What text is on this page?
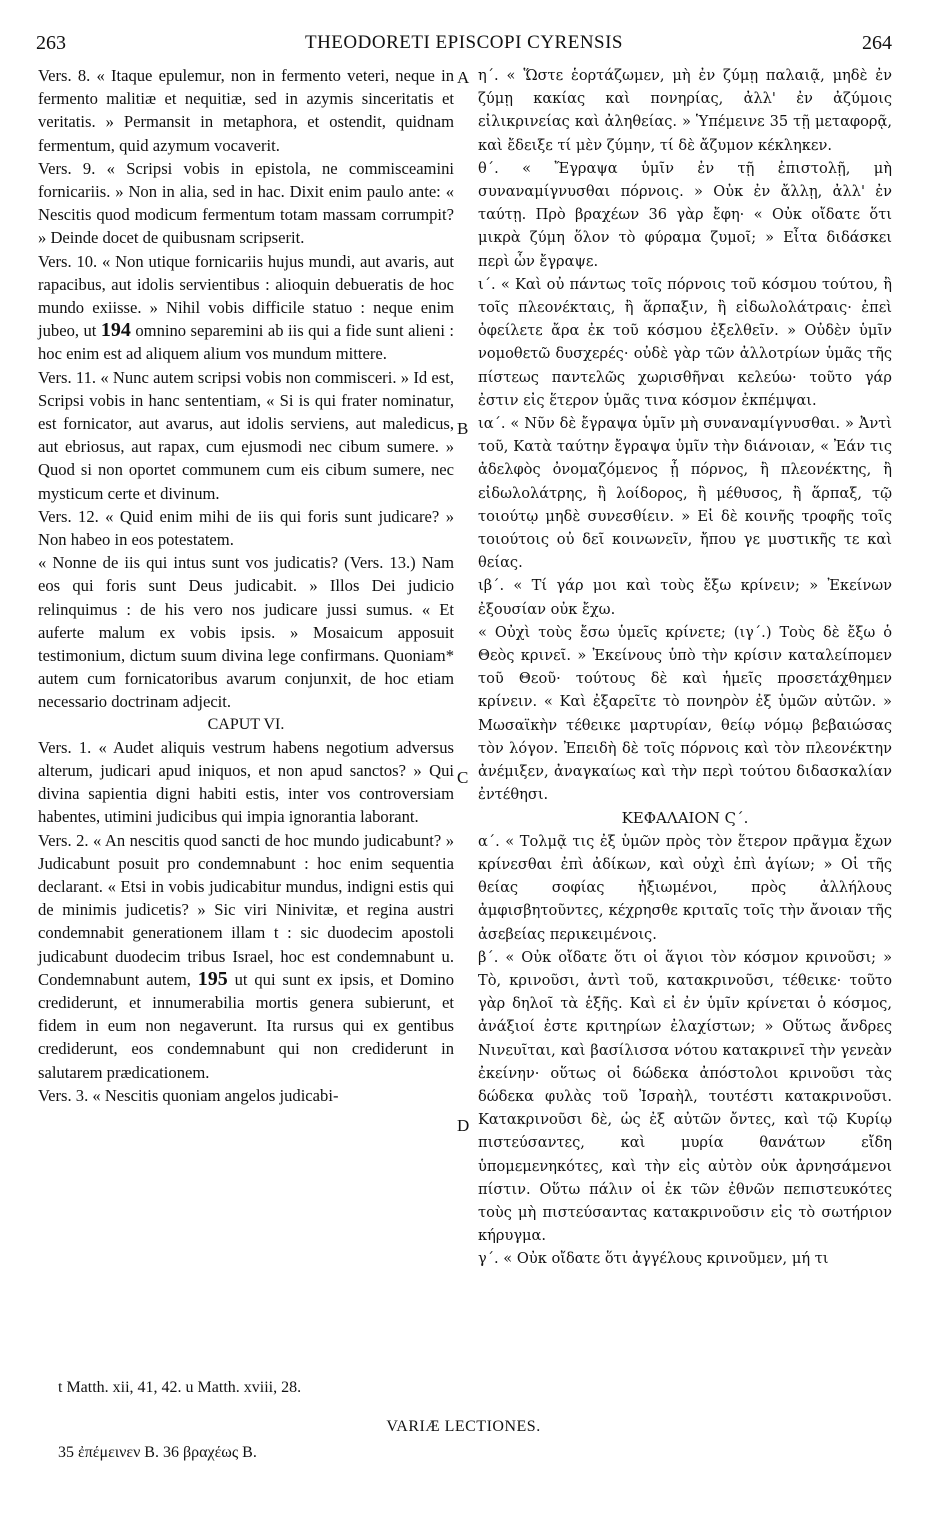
263	THEODORETI EPISCOPI CYRENSIS	264
A
B
C
D

Vers. 8. « Itaque epulemur, non in fermento veteri, neque in fermento malitiæ et nequitiæ, sed in azymis sinceritatis et veritatis. » Permansit in metaphora, et ostendit, quidnam fermentum, quid azymum vocaverit.

Vers. 9. « Scripsi vobis in epistola, ne commisceamini fornicariis. » Non in alia, sed in hac. Dixit enim paulo ante: « Nescitis quod modicum fermentum totam massam corrumpit? » Deinde docet de quibusnam scripserit.

Vers. 10. « Non utique fornicariis hujus mundi, aut avaris, aut rapacibus, aut idolis servientibus : alioquin debueratis de hoc mundo exiisse. » Nihil vobis difficile statuo : neque enim jubeo, ut 194 omnino separemini ab iis qui a fide sunt alieni : hoc enim est ad aliquem alium vos mundum mittere.

Vers. 11. « Nunc autem scripsi vobis non commisceri. » Id est, Scripsi vobis in hanc sententiam, « Si is qui frater nominatur, est fornicator, aut avarus, aut idolis serviens, aut maledicus, aut ebriosus, aut rapax, cum ejusmodi nec cibum sumere. » Quod si non oportet communem cum eis cibum sumere, nec mysticum certe et divinum.

Vers. 12. « Quid enim mihi de iis qui foris sunt judicare? » Non habeo in eos potestatem.

« Nonne de iis qui intus sunt vos judicatis? (Vers. 13.) Nam eos qui foris sunt Deus judicabit. » Illos Dei judicio relinquimus : de his vero nos judicare jussi sumus. « Et auferte malum ex vobis ipsis. » Mosaicum apposuit testimonium, dictum suum divina lege confirmans. Quoniam* autem cum fornicatoribus avarum conjunxit, de hoc etiam necessario doctrinam adjecit.

CAPUT VI.

Vers. 1. « Audet aliquis vestrum habens negotium adversus alterum, judicari apud iniquos, et non apud sanctos? » Qui divina sapientia digni habiti estis, inter vos controversiam habentes, utimini judicibus qui impia ignorantia laborant.

Vers. 2. « An nescitis quod sancti de hoc mundo judicabunt? » Judicabunt posuit pro condemnabunt : hoc enim sequentia declarant. « Etsi in vobis judicabitur mundus, indigni estis qui de minimis judicetis? » Sic viri Ninivitæ, et regina austri condemnabit generationem illam t : sic duodecim apostoli judicabunt duodecim tribus Israel, hoc est condemnabunt u. Condemnabunt autem, 195 ut qui sunt ex ipsis, et Domino crediderunt, et innumerabilia mortis genera subierunt, et fidem in eum non negaverunt. Ita rursus qui ex gentibus crediderunt, eos condemnabunt qui non crediderunt in salutarem prædicationem.

Vers. 3. « Nescitis quoniam angelos judicabi-

η΄. « Ὥστε ἑορτάζωμεν, μὴ ἐν ζύμῃ παλαιᾷ, μηδὲ ἐν ζύμῃ κακίας καὶ πονηρίας, ἀλλ' ἐν ἀζύμοις εἰλικρινείας καὶ ἀληθείας. » Ὑπέμεινε 35 τῇ μεταφορᾷ, καὶ ἔδειξε τί μὲν ζύμην, τί δὲ ἄζυμον κέκληκεν.

θ΄. « Ἔγραψα ὑμῖν ἐν τῇ ἐπιστολῇ, μὴ συναναμίγνυσθαι πόρνοις. » Οὐκ ἐν ἄλλῃ, ἀλλ' ἐν ταύτῃ. Πρὸ βραχέων 36 γὰρ ἔφη· « Οὐκ οἴδατε ὅτι μικρὰ ζύμη ὅλον τὸ φύραμα ζυμοῖ; » Εἶτα διδάσκει περὶ ὧν ἔγραψε.

ι΄. « Καὶ οὐ πάντως τοῖς πόρνοις τοῦ κόσμου τούτου, ἢ τοῖς πλεονέκταις, ἢ ἅρπαξιν, ἢ εἰδωλολάτραις· ἐπεὶ ὀφείλετε ἄρα ἐκ τοῦ κόσμου ἐξελθεῖν. » Οὐδὲν ὑμῖν νομοθετῶ δυσχερές· οὐδὲ γὰρ τῶν ἀλλοτρίων ὑμᾶς τῆς πίστεως παντελῶς χωρισθῆναι κελεύω· τοῦτο γάρ ἐστιν εἰς ἕτερον ὑμᾶς τινα κόσμον ἐκπέμψαι.

ια΄. « Νῦν δὲ ἔγραψα ὑμῖν μὴ συναναμίγνυσθαι. » Ἀντὶ τοῦ, Κατὰ ταύτην ἔγραψα ὑμῖν τὴν διάνοιαν, « Ἐάν τις ἀδελφὸς ὀνομαζόμενος ᾖ πόρνος, ἢ πλεονέκτης, ἢ εἰδωλολάτρης, ἢ λοίδορος, ἢ μέθυσος, ἢ ἅρπαξ, τῷ τοιούτῳ μηδὲ συνεσθίειν. » Εἰ δὲ κοινῆς τροφῆς τοῖς τοιούτοις οὐ δεῖ κοινωνεῖν, ἤπου γε μυστικῆς τε καὶ θείας.

ιβ΄. « Τί γάρ μοι καὶ τοὺς ἔξω κρίνειν; » Ἐκείνων ἐξουσίαν οὐκ ἔχω.

« Οὐχὶ τοὺς ἔσω ὑμεῖς κρίνετε; (ιγ΄.) Τοὺς δὲ ἔξω ὁ Θεὸς κρινεῖ. » Ἐκείνους ὑπὸ τὴν κρίσιν καταλείπομεν τοῦ Θεοῦ· τούτους δὲ καὶ ἡμεῖς προσετάχθημεν κρίνειν. « Καὶ ἐξαρεῖτε τὸ πονηρὸν ἐξ ὑμῶν αὐτῶν. » Μωσαϊκὴν τέθεικε μαρτυρίαν, θείῳ νόμῳ βεβαιώσας τὸν λόγον. Ἐπειδὴ δὲ τοῖς πόρνοις καὶ τὸν πλεονέκτην ἀνέμιξεν, ἀναγκαίως καὶ τὴν περὶ τούτου διδασκαλίαν ἐντέθησι.

ΚΕΦΑΛΑΙΟΝ Ϛ΄.

α΄. « Τολμᾷ τις ἐξ ὑμῶν πρὸς τὸν ἕτερον πρᾶγμα ἔχων κρίνεσθαι ἐπὶ ἀδίκων, καὶ οὐχὶ ἐπὶ ἁγίων; » Οἱ τῆς θείας σοφίας ἠξιωμένοι, πρὸς ἀλλήλους ἀμφισβητοῦντες, κέχρησθε κριταῖς τοῖς τὴν ἄνοιαν τῆς ἀσεβείας περικειμένοις.

β΄. « Οὐκ οἴδατε ὅτι οἱ ἅγιοι τὸν κόσμον κρινοῦσι; » Τὸ, κρινοῦσι, ἀντὶ τοῦ, κατακρινοῦσι, τέθεικε· τοῦτο γὰρ δηλοῖ τὰ ἑξῆς. Καὶ εἰ ἐν ὑμῖν κρίνεται ὁ κόσμος, ἀνάξιοί ἐστε κριτηρίων ἐλαχίστων; » Οὕτως ἄνδρες Νινευῖται, καὶ βασίλισσα νότου κατακρινεῖ τὴν γενεὰν ἐκείνην· οὕτως οἱ δώδεκα ἀπόστολοι κρινοῦσι τὰς δώδεκα φυλὰς τοῦ Ἰσραὴλ, τουτέστι κατακρινοῦσι. Κατακρινοῦσι δὲ, ὡς ἐξ αὐτῶν ὄντες, καὶ τῷ Κυρίῳ πιστεύσαντες, καὶ μυρία θανάτων εἴδη ὑπομεμενηκότες, καὶ τὴν εἰς αὐτὸν οὐκ ἀρνησάμενοι πίστιν. Οὕτω πάλιν οἱ ἐκ τῶν ἐθνῶν πεπιστευκότες τοὺς μὴ πιστεύσαντας κατακρινοῦσιν εἰς τὸ σωτήριον κήρυγμα.

γ΄. « Οὐκ οἴδατε ὅτι ἀγγέλους κρινοῦμεν, μή τι

t Matth. xii, 41, 42. u Matth. xviii, 28.
VARIÆ LECTIONES.
35 ἐπέμεινεν B. 36 βραχέως B.
